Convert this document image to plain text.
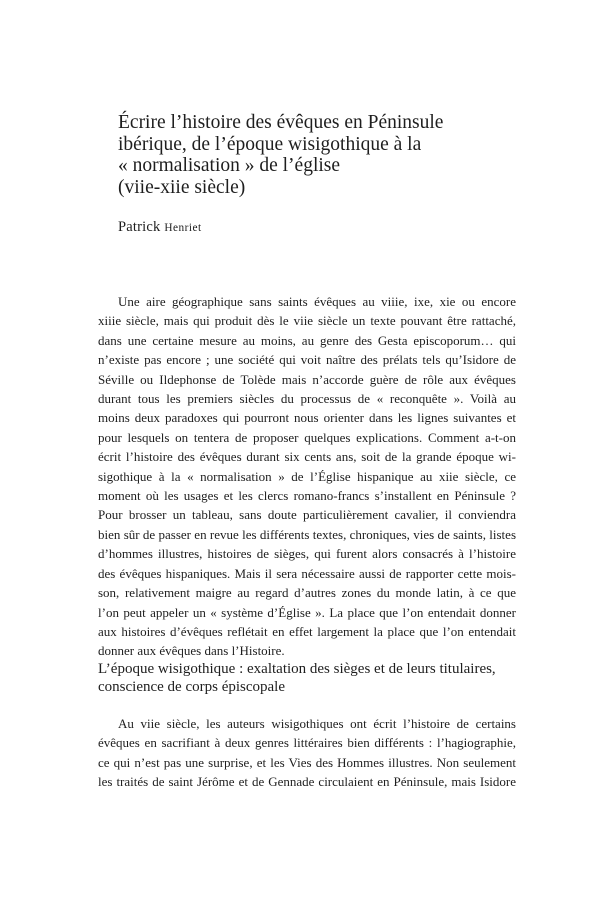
Écrire l’histoire des évêques en Péninsule
ibérique, de l’époque wisigothique à la
« normalisation » de l’église
(viie-xiie siècle)

Patrick Henriet

Une aire géographique sans saints évêques au viiie, ixe, xie ou encore

xiiie siècle, mais qui produit dès le viie siècle un texte pouvant être rattaché,

dans une certaine mesure au moins, au genre des Gesta episcoporum… qui

n’existe pas encore ; une société qui voit naître des prélats tels qu’Isidore de

Séville ou Ildephonse de Tolède mais n’accorde guère de rôle aux évêques

durant tous les premiers siècles du processus de « reconquête ». Voilà au

moins deux paradoxes qui pourront nous orienter dans les lignes suivantes et

pour lesquels on tentera de proposer quelques explications. Comment a-t-on

écrit l’histoire des évêques durant six cents ans, soit de la grande époque wi-

sigothique à la « normalisation » de l’Église hispanique au xiie siècle, ce

moment où les usages et les clercs romano-francs s’installent en Péninsule ?

Pour brosser un tableau, sans doute particulièrement cavalier, il conviendra

bien sûr de passer en revue les différents textes, chroniques, vies de saints, listes

d’hommes illustres, histoires de sièges, qui furent alors consacrés à l’histoire

des évêques hispaniques. Mais il sera nécessaire aussi de rapporter cette mois-

son, relativement maigre au regard d’autres zones du monde latin, à ce que

l’on peut appeler un « système d’Église ». La place que l’on entendait donner

aux histoires d’évêques reflétait en effet largement la place que l’on entendait

donner aux évêques dans l’Histoire.

L’époque wisigothique : exaltation des sièges et de leurs titulaires,
conscience de corps épiscopale

Au viie siècle, les auteurs wisigothiques ont écrit l’histoire de certains

évêques en sacrifiant à deux genres littéraires bien différents : l’hagiographie,

ce qui n’est pas une surprise, et les Vies des Hommes illustres. Non seulement

les traités de saint Jérôme et de Gennade circulaient en Péninsule, mais Isidore
